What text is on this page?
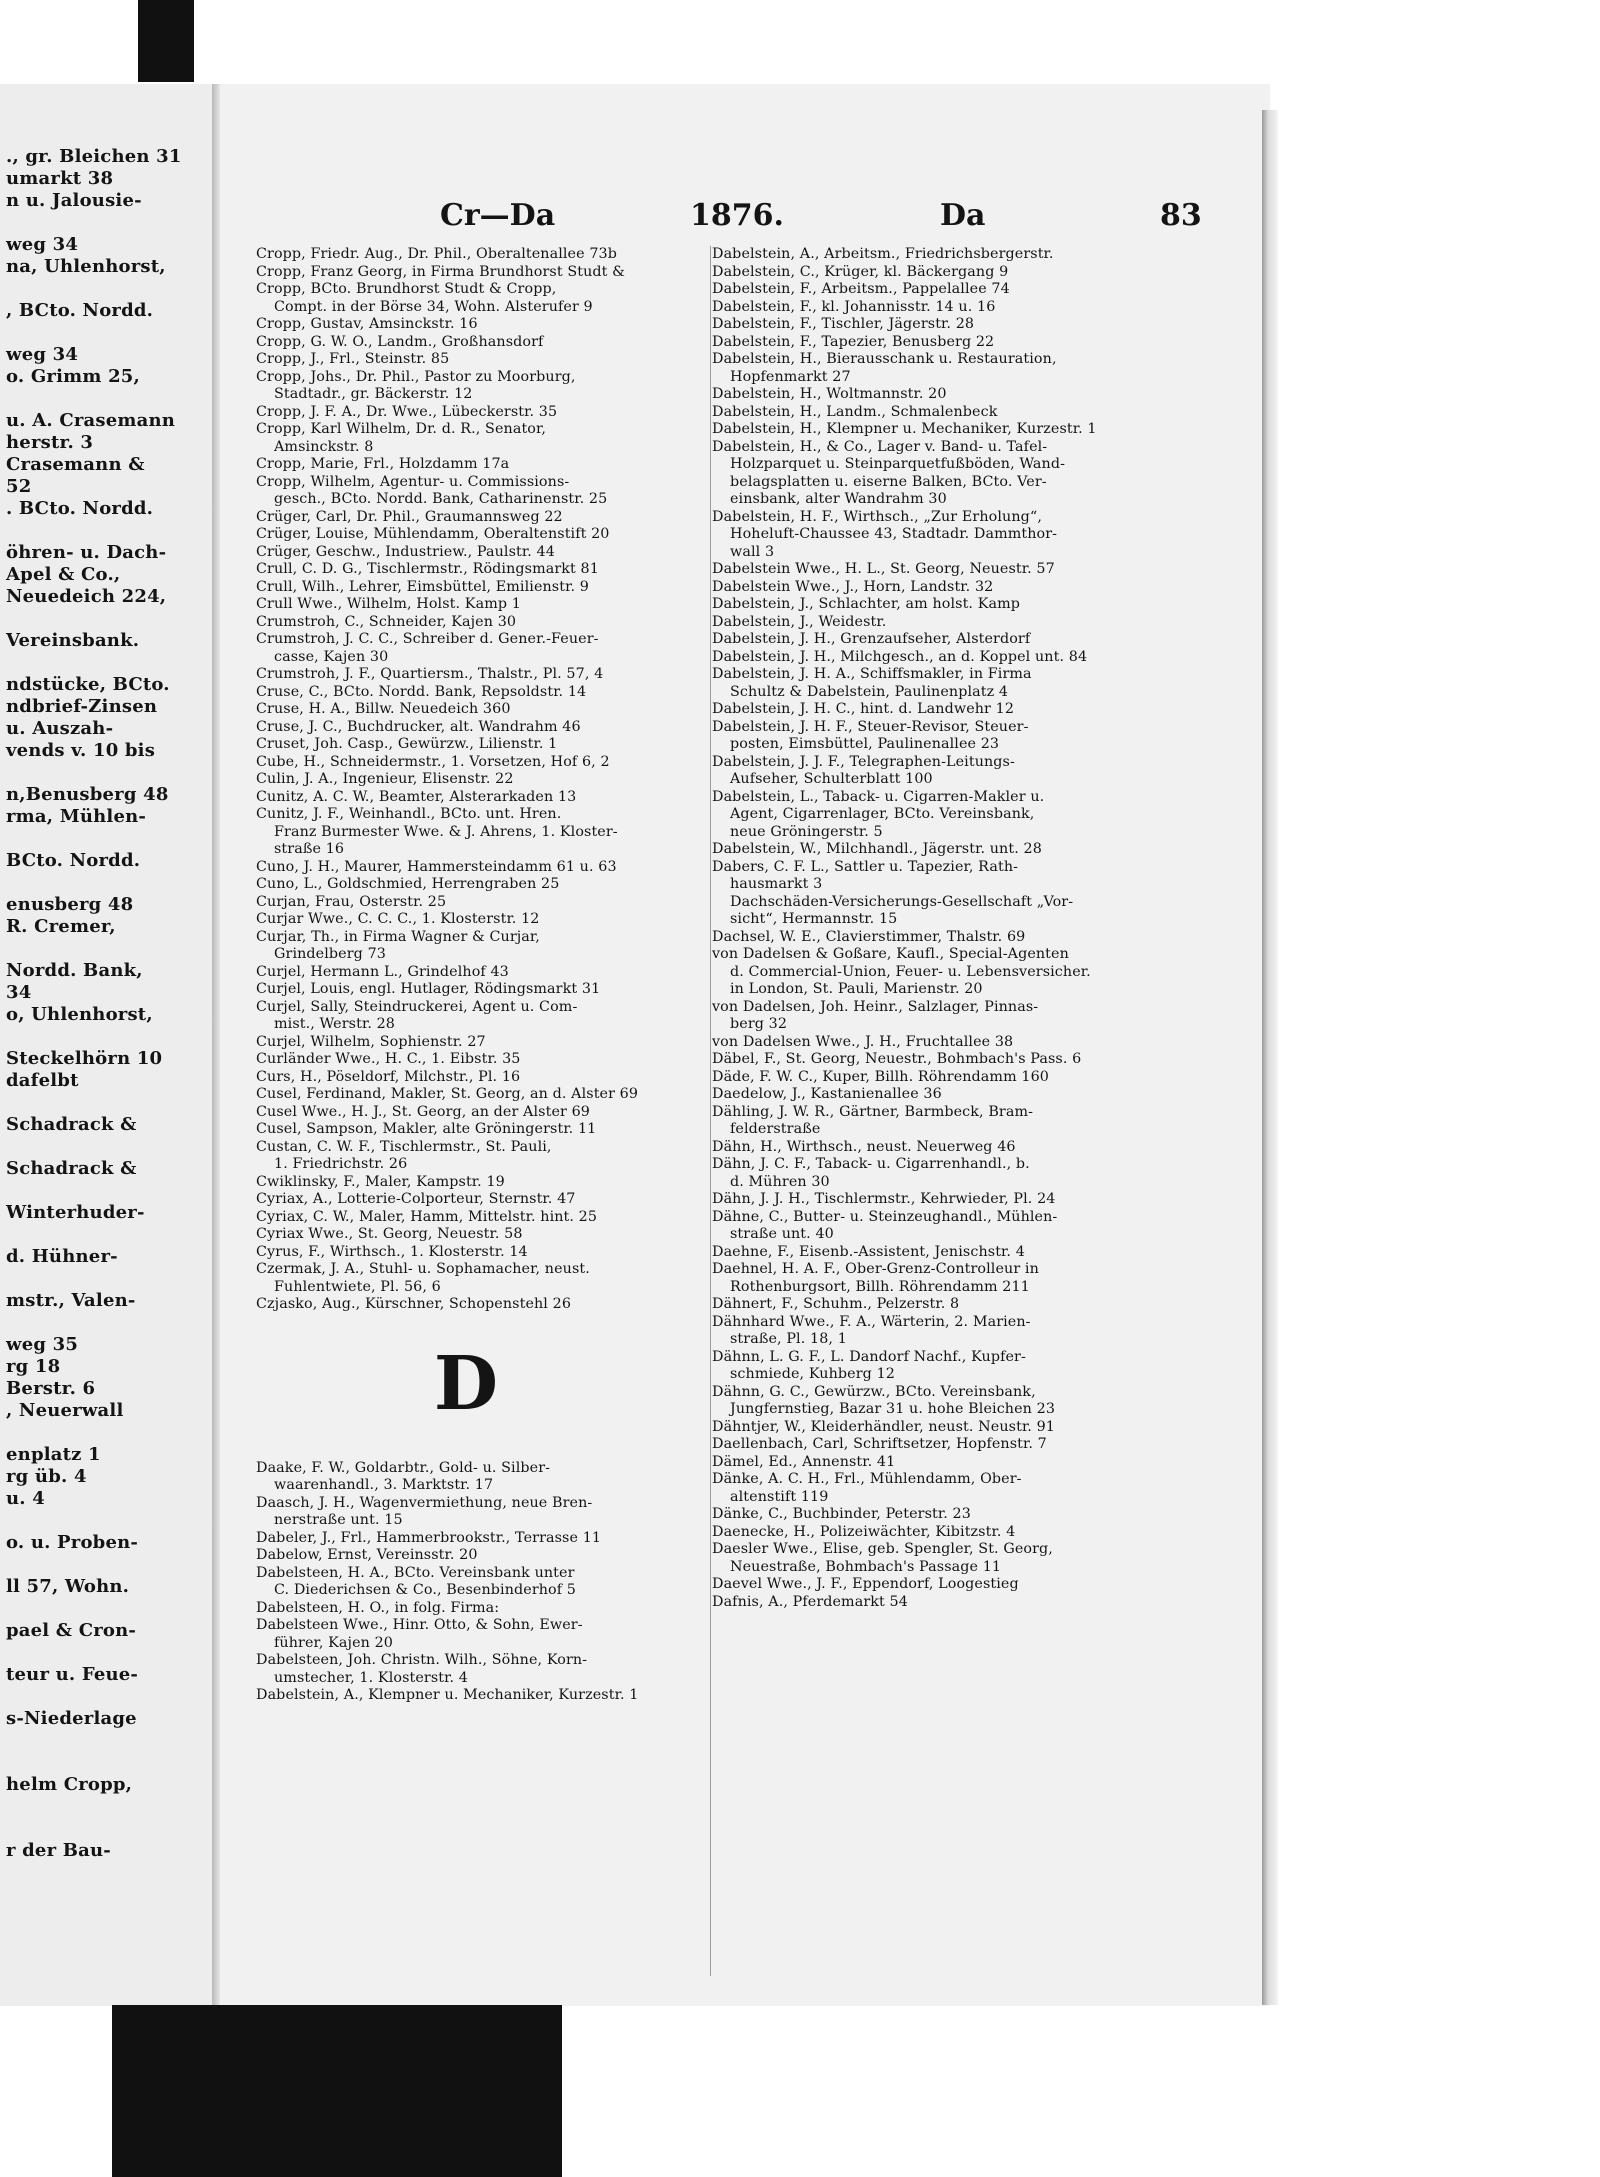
., gr. Bleichen 31
umarkt 38
n u. Jalousie-
weg 34
na, Uhlenhorst,
, BCto. Nordd.
weg 34
o. Grimm 25,
u. A. Crasemann
herstr. 3
Crasemann &
52
. BCto. Nordd.
öhren- u. Dach-
Apel & Co.,
Neuedeich 224,
Vereinsbank.
ndstücke, BCto.
ndbrief-Zinsen
u. Auszah-
vends v. 10 bis
n,Benusberg 48
rma, Mühlen-
BCto. Nordd.
enusberg 48
R. Cremer,
Nordd. Bank,
34
o, Uhlenhorst,
Steckelhörn 10
dafelbt
Schadrack &
Schadrack &
Winterhuder-
d. Hühner-
mstr., Valen-
weg 35
rg 18
Berstr. 6
, Neuerwall
enplatz 1
rg üb. 4
u. 4
o. u. Proben-
ll 57, Wohn.
pael & Cron-
teur u. Feue-
s-Niederlage
helm Cropp,
r der Bau-
Cr—Da	1876.	Da	83
Cropp, Friedr. Aug., Dr. Phil., Oberaltenallee 73b
Cropp, Franz Georg, in Firma Brundhorst Studt &
Cropp, BCto. Brundhorst Studt & Cropp,
Compt. in der Börse 34, Wohn. Alsterufer 9
Cropp, Gustav, Amsinckstr. 16
Cropp, G. W. O., Landm., Großhansdorf
Cropp, J., Frl., Steinstr. 85
Cropp, Johs., Dr. Phil., Pastor zu Moorburg,
Stadtadr., gr. Bäckerstr. 12
Cropp, J. F. A., Dr. Wwe., Lübeckerstr. 35
Cropp, Karl Wilhelm, Dr. d. R., Senator,
Amsinckstr. 8
Cropp, Marie, Frl., Holzdamm 17a
Cropp, Wilhelm, Agentur- u. Commissions-
gesch., BCto. Nordd. Bank, Catharinenstr. 25
Crüger, Carl, Dr. Phil., Graumannsweg 22
Crüger, Louise, Mühlendamm, Oberaltenstift 20
Crüger, Geschw., Industriew., Paulstr. 44
Crull, C. D. G., Tischlermstr., Rödingsmarkt 81
Crull, Wilh., Lehrer, Eimsbüttel, Emilienstr. 9
Crull Wwe., Wilhelm, Holst. Kamp 1
Crumstroh, C., Schneider, Kajen 30
Crumstroh, J. C. C., Schreiber d. Gener.-Feuer-
casse, Kajen 30
Crumstroh, J. F., Quartiersm., Thalstr., Pl. 57, 4
Cruse, C., BCto. Nordd. Bank, Repsoldstr. 14
Cruse, H. A., Billw. Neuedeich 360
Cruse, J. C., Buchdrucker, alt. Wandrahm 46
Cruset, Joh. Casp., Gewürzw., Lilienstr. 1
Cube, H., Schneidermstr., 1. Vorsetzen, Hof 6, 2
Culin, J. A., Ingenieur, Elisenstr. 22
Cunitz, A. C. W., Beamter, Alsterarkaden 13
Cunitz, J. F., Weinhandl., BCto. unt. Hren.
Franz Burmester Wwe. & J. Ahrens, 1. Kloster-
straße 16
Cuno, J. H., Maurer, Hammersteindamm 61 u. 63
Cuno, L., Goldschmied, Herrengraben 25
Curjan, Frau, Osterstr. 25
Curjar Wwe., C. C. C., 1. Klosterstr. 12
Curjar, Th., in Firma Wagner & Curjar,
Grindelberg 73
Curjel, Hermann L., Grindelhof 43
Curjel, Louis, engl. Hutlager, Rödingsmarkt 31
Curjel, Sally, Steindruckerei, Agent u. Com-
mist., Werstr. 28
Curjel, Wilhelm, Sophienstr. 27
Curländer Wwe., H. C., 1. Eibstr. 35
Curs, H., Pöseldorf, Milchstr., Pl. 16
Cusel, Ferdinand, Makler, St. Georg, an d. Alster 69
Cusel Wwe., H. J., St. Georg, an der Alster 69
Cusel, Sampson, Makler, alte Gröningerstr. 11
Custan, C. W. F., Tischlermstr., St. Pauli,
1. Friedrichstr. 26
Cwiklinsky, F., Maler, Kampstr. 19
Cyriax, A., Lotterie-Colporteur, Sternstr. 47
Cyriax, C. W., Maler, Hamm, Mittelstr. hint. 25
Cyriax Wwe., St. Georg, Neuestr. 58
Cyrus, F., Wirthsch., 1. Klosterstr. 14
Czermak, J. A., Stuhl- u. Sophamacher, neust.
Fuhlentwiete, Pl. 56, 6
Czjasko, Aug., Kürschner, Schopenstehl 26
D
Daake, F. W., Goldarbtr., Gold- u. Silber-
waarenhandl., 3. Marktstr. 17
Daasch, J. H., Wagenvermiethung, neue Bren-
nerstraße unt. 15
Dabeler, J., Frl., Hammerbrookstr., Terrasse 11
Dabelow, Ernst, Vereinsstr. 20
Dabelsteen, H. A., BCto. Vereinsbank unter
C. Diederichsen & Co., Besenbinderhof 5
Dabelsteen, H. O., in folg. Firma:
Dabelsteen Wwe., Hinr. Otto, & Sohn, Ewer-
führer, Kajen 20
Dabelsteen, Joh. Christn. Wilh., Söhne, Korn-
umstecher, 1. Klosterstr. 4
Dabelstein, A., Klempner u. Mechaniker, Kurzestr. 1
Dabelstein, A., Arbeitsm., Friedrichsbergerstr.
Dabelstein, C., Krüger, kl. Bäckergang 9
Dabelstein, F., Arbeitsm., Pappelallee 74
Dabelstein, F., kl. Johannisstr. 14 u. 16
Dabelstein, F., Tischler, Jägerstr. 28
Dabelstein, F., Tapezier, Benusberg 22
Dabelstein, H., Bierausschank u. Restauration,
Hopfenmarkt 27
Dabelstein, H., Woltmannstr. 20
Dabelstein, H., Landm., Schmalenbeck
Dabelstein, H., Klempner u. Mechaniker, Kurzestr. 1
Dabelstein, H., & Co., Lager v. Band- u. Tafel-
Holzparquet u. Steinparquetfußböden, Wand-
belagsplatten u. eiserne Balken, BCto. Ver-
einsbank, alter Wandrahm 30
Dabelstein, H. F., Wirthsch., „Zur Erholung“,
Hoheluft-Chaussee 43, Stadtadr. Dammthor-
wall 3
Dabelstein Wwe., H. L., St. Georg, Neuestr. 57
Dabelstein Wwe., J., Horn, Landstr. 32
Dabelstein, J., Schlachter, am holst. Kamp
Dabelstein, J., Weidestr.
Dabelstein, J. H., Grenzaufseher, Alsterdorf
Dabelstein, J. H., Milchgesch., an d. Koppel unt. 84
Dabelstein, J. H. A., Schiffsmakler, in Firma
Schultz & Dabelstein, Paulinenplatz 4
Dabelstein, J. H. C., hint. d. Landwehr 12
Dabelstein, J. H. F., Steuer-Revisor, Steuer-
posten, Eimsbüttel, Paulinenallee 23
Dabelstein, J. J. F., Telegraphen-Leitungs-
Aufseher, Schulterblatt 100
Dabelstein, L., Taback- u. Cigarren-Makler u.
Agent, Cigarrenlager, BCto. Vereinsbank,
neue Gröningerstr. 5
Dabelstein, W., Milchhandl., Jägerstr. unt. 28
Dabers, C. F. L., Sattler u. Tapezier, Rath-
hausmarkt 3
Dachschäden-Versicherungs-Gesellschaft „Vor-
sicht“, Hermannstr. 15
Dachsel, W. E., Clavierstimmer, Thalstr. 69
von Dadelsen & Goßare, Kaufl., Special-Agenten
d. Commercial-Union, Feuer- u. Lebensversicher.
in London, St. Pauli, Marienstr. 20
von Dadelsen, Joh. Heinr., Salzlager, Pinnas-
berg 32
von Dadelsen Wwe., J. H., Fruchtallee 38
Däbel, F., St. Georg, Neuestr., Bohmbach's Pass. 6
Däde, F. W. C., Kuper, Billh. Röhrendamm 160
Daedelow, J., Kastanienallee 36
Dähling, J. W. R., Gärtner, Barmbeck, Bram-
felderstraße
Dähn, H., Wirthsch., neust. Neuerweg 46
Dähn, J. C. F., Taback- u. Cigarrenhandl., b.
d. Mühren 30
Dähn, J. J. H., Tischlermstr., Kehrwieder, Pl. 24
Dähne, C., Butter- u. Steinzeughandl., Mühlen-
straße unt. 40
Daehne, F., Eisenb.-Assistent, Jenischstr. 4
Daehnel, H. A. F., Ober-Grenz-Controlleur in
Rothenburgsort, Billh. Röhrendamm 211
Dähnert, F., Schuhm., Pelzerstr. 8
Dähnhard Wwe., F. A., Wärterin, 2. Marien-
straße, Pl. 18, 1
Dähnn, L. G. F., L. Dandorf Nachf., Kupfer-
schmiede, Kuhberg 12
Dähnn, G. C., Gewürzw., BCto. Vereinsbank,
Jungfernstieg, Bazar 31 u. hohe Bleichen 23
Dähntjer, W., Kleiderhändler, neust. Neustr. 91
Daellenbach, Carl, Schriftsetzer, Hopfenstr. 7
Dämel, Ed., Annenstr. 41
Dänke, A. C. H., Frl., Mühlendamm, Ober-
altenstift 119
Dänke, C., Buchbinder, Peterstr. 23
Daenecke, H., Polizeiwächter, Kibitzstr. 4
Daesler Wwe., Elise, geb. Spengler, St. Georg,
Neuestraße, Bohmbach's Passage 11
Daevel Wwe., J. F., Eppendorf, Loogestieg
Dafnis, A., Pferdemarkt 54
